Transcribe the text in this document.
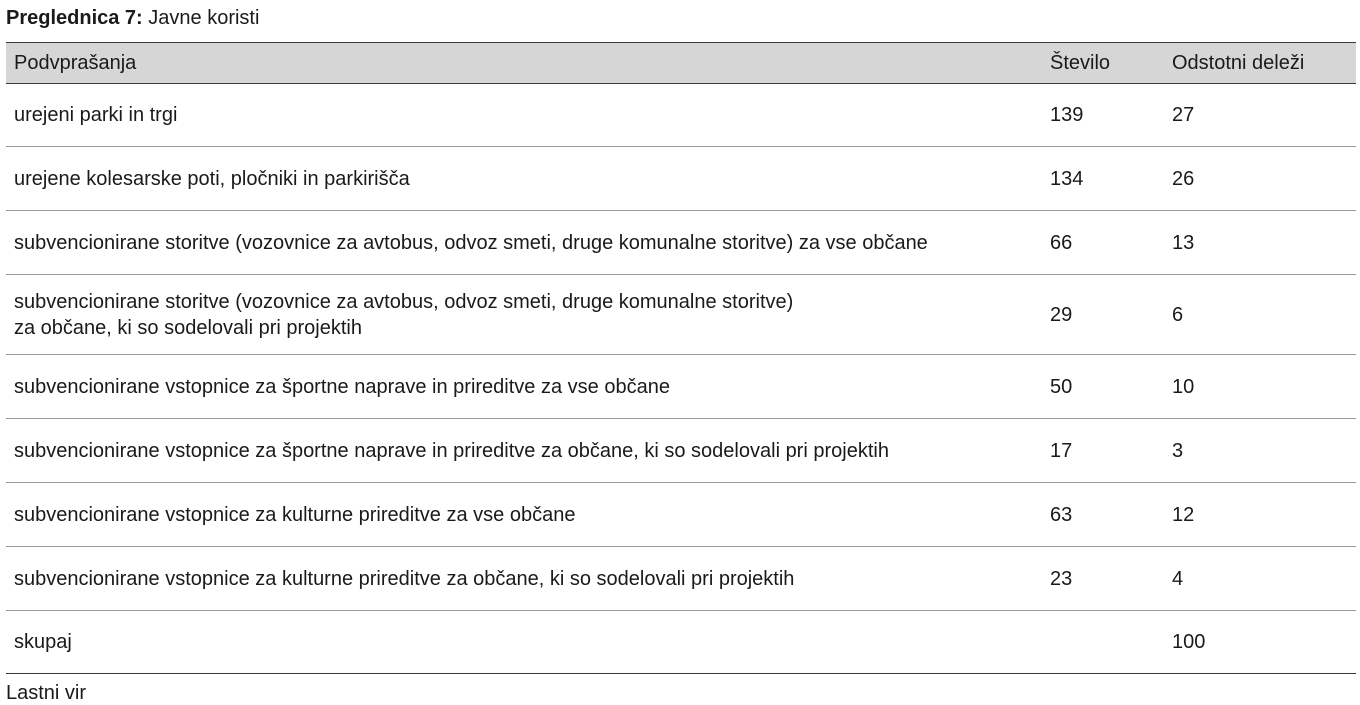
Preglednica 7: Javne koristi
Podvprašanja	Število	Odstotni deleži
urejeni parki in trgi	139	27
urejene kolesarske poti, pločniki in parkirišča	134	26
subvencionirane storitve (vozovnice za avtobus, odvoz smeti, druge komunalne storitve) za vse občane	66	13

subvencionirane storitve (vozovnice za avtobus, odvoz smeti, druge komunalne storitve)
za občane, ki so sodelovali pri projektih	29	6
subvencionirane vstopnice za športne naprave in prireditve za vse občane	50	10
subvencionirane vstopnice za športne naprave in prireditve za občane, ki so sodelovali pri projektih	17	3
subvencionirane vstopnice za kulturne prireditve za vse občane	63	12
subvencionirane vstopnice za kulturne prireditve za občane, ki so sodelovali pri projektih	23	4
skupaj		100
Lastni vir
